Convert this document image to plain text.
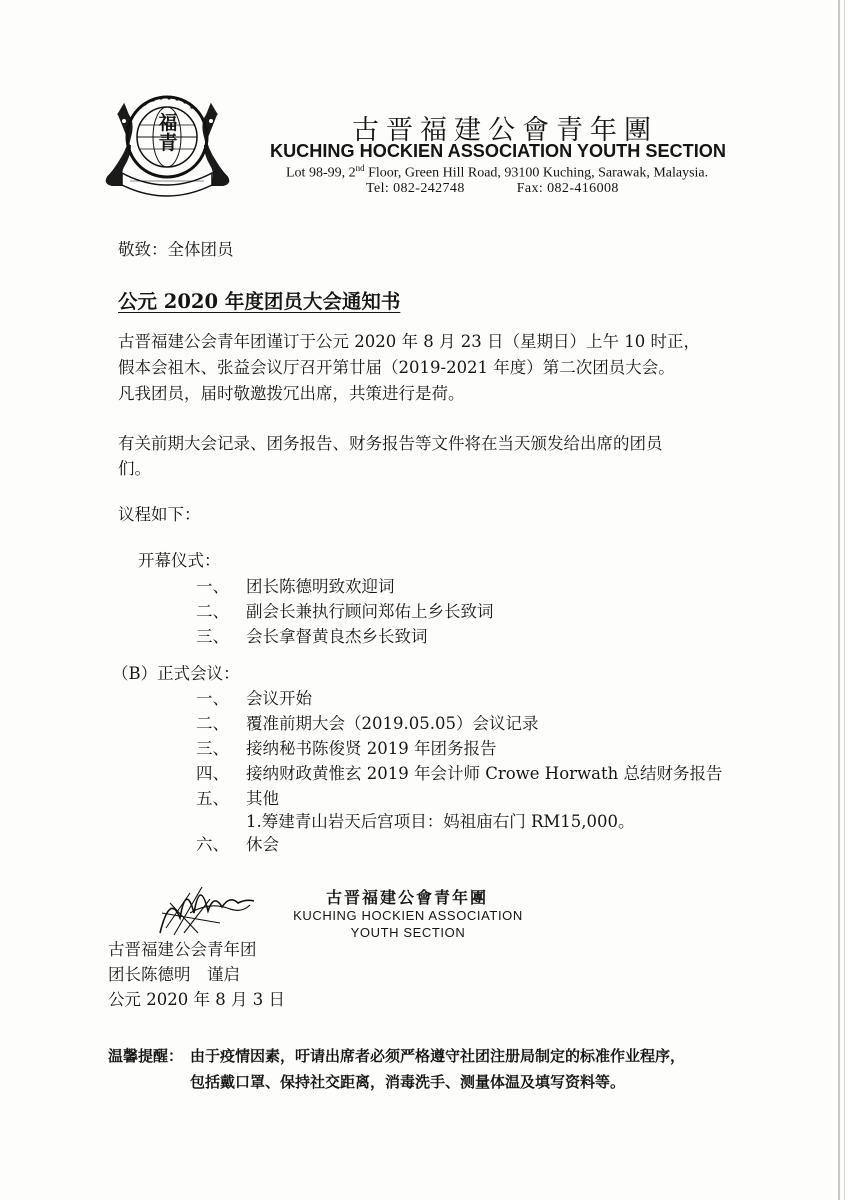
福青	古晋福建公會青年團
KUCHING HOCKIEN ASSOCIATION YOUTH SECTION
Lot 98-99, 2nd Floor, Green Hill Road, 93100 Kuching, Sarawak, Malaysia.
Tel: 082-242748	Fax: 082-416008
敬致：全体团员
公元 2020 年度团员大会通知书
古晋福建公会青年团谨订于公元 2020 年 8 月 23 日（星期日）上午 10 时正，
假本会祖木、张益会议厅召开第廿届（2019-2021 年度）第二次团员大会。
凡我团员，届时敬邀拨冗出席，共策进行是荷。
有关前期大会记录、团务报告、财务报告等文件将在当天颁发给出席的团员
们。
议程如下：
开幕仪式：
一、 团长陈德明致欢迎词
二、 副会长兼执行顾问郑佑上乡长致词
三、 会长拿督黄良杰乡长致词
（B）正式会议：
一、 会议开始
二、 覆准前期大会（2019.05.05）会议记录
三、 接纳秘书陈俊贤 2019 年团务报告
四、 接纳财政黄惟玄 2019 年会计师 Crowe Horwath 总结财务报告
五、 其他
1.筹建青山岩天后宫项目：妈祖庙右门 RM15,000。
六、 休会
古晋福建公會青年團
KUCHING HOCKIEN ASSOCIATION
YOUTH SECTION
古晋福建公会青年团
团长陈德明　谨启
公元 2020 年 8 月 3 日
温馨提醒： 由于疫情因素，吁请出席者必须严格遵守社团注册局制定的标准作业程序，
包括戴口罩、保持社交距离，消毒洗手、测量体温及填写资料等。
